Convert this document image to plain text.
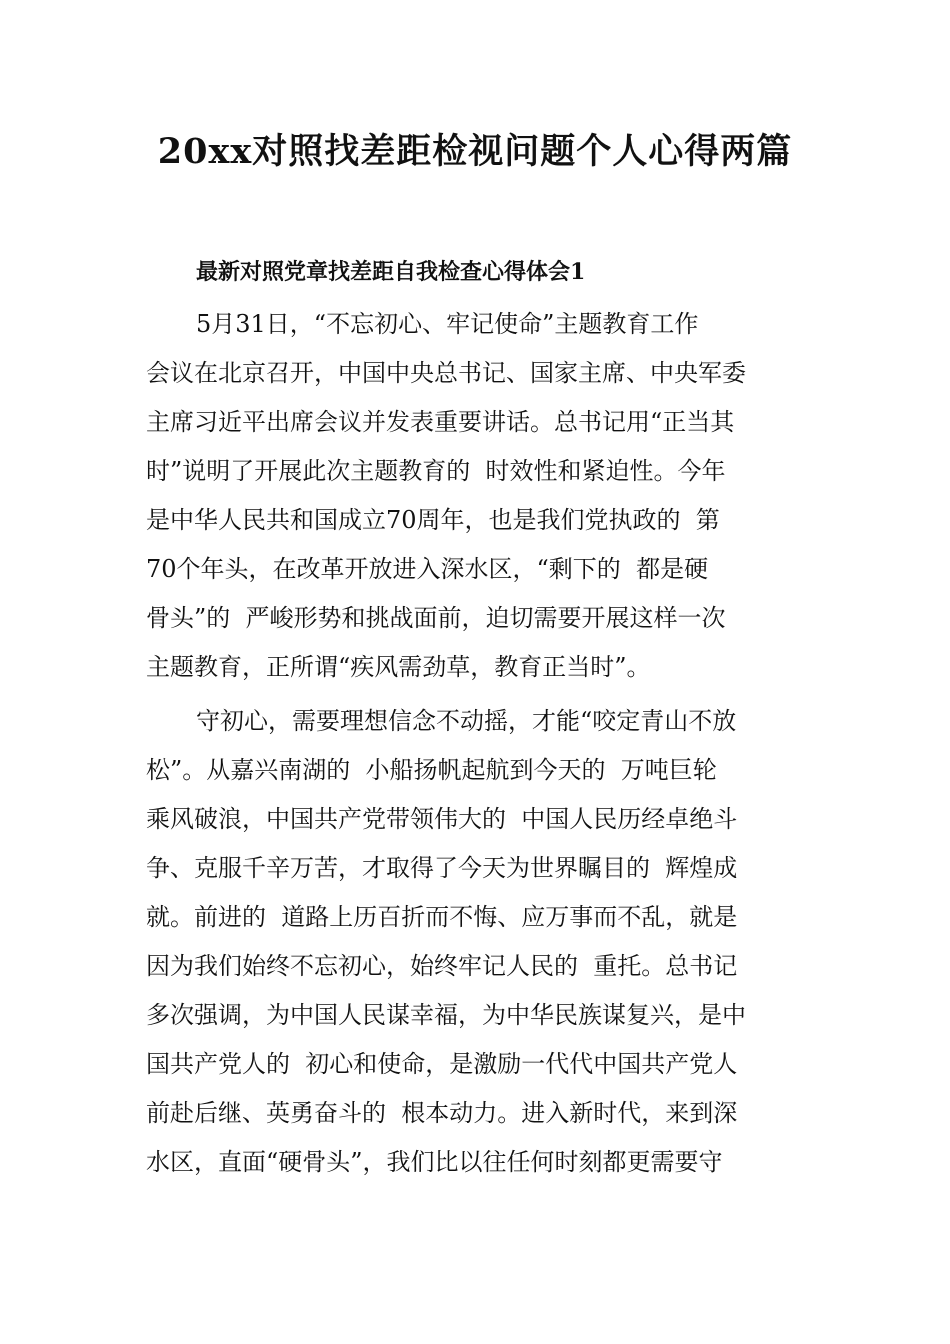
20xx对照找差距检视问题个人心得两篇
最新对照党章找差距自我检查心得体会1
5月31日，“不忘初心、牢记使命”主题教育工作
会议在北京召开，中国中央总书记、国家主席、中央军委
主席习近平出席会议并发表重要讲话。总书记用“正当其
时”说明了开展此次主题教育的  时效性和紧迫性。今年
是中华人民共和国成立70周年，也是我们党执政的  第
70个年头，在改革开放进入深水区，“剩下的  都是硬
骨头”的  严峻形势和挑战面前，迫切需要开展这样一次
主题教育，正所谓“疾风需劲草，教育正当时”。
守初心，需要理想信念不动摇，才能“咬定青山不放
松”。从嘉兴南湖的  小船扬帆起航到今天的  万吨巨轮
乘风破浪，中国共产党带领伟大的  中国人民历经卓绝斗
争、克服千辛万苦，才取得了今天为世界瞩目的  辉煌成
就。前进的  道路上历百折而不悔、应万事而不乱，就是
因为我们始终不忘初心，始终牢记人民的  重托。总书记
多次强调，为中国人民谋幸福，为中华民族谋复兴，是中
国共产党人的  初心和使命，是激励一代代中国共产党人
前赴后继、英勇奋斗的  根本动力。进入新时代，来到深
水区，直面“硬骨头”，我们比以往任何时刻都更需要守
